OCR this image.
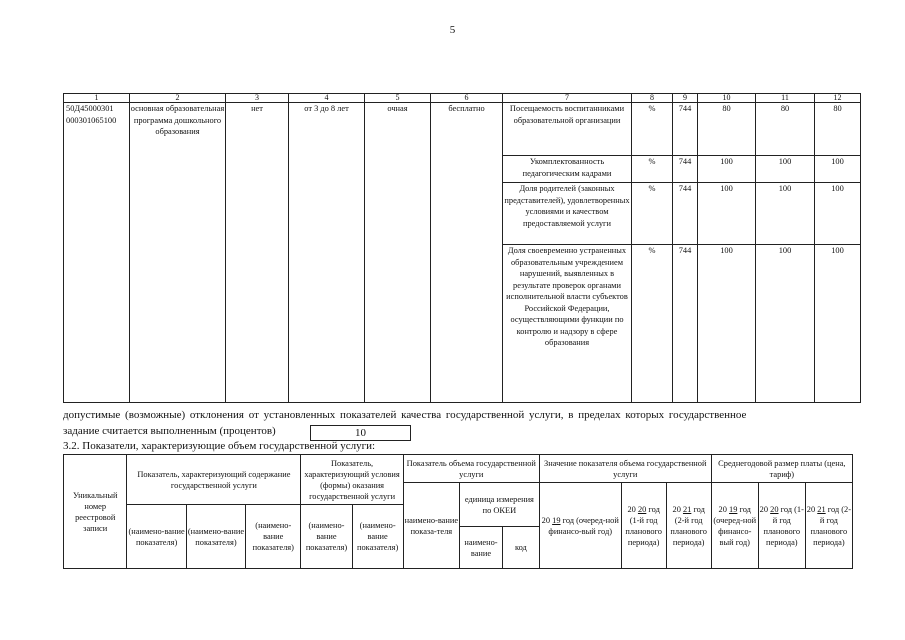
5
1	2	3	4	5	6	7	8	9	10	11	12
50Д45000301 000301065100	основная образовательная программа дошкольного образования	нет	от 3 до 8 лет	очная	бесплатно	Посещаемость воспитанниками образовательной организации	%	744	80	80	80
						Укомплектованность педагогическим кадрами	%	744	100	100	100
						Доля родителей (законных представителей), удовлетворенных условиями и качеством предоставляемой услуги	%	744	100	100	100
						Доля своевременно устраненных образовательным учреждением нарушений, выявленных в результате проверок органами исполнительной власти субъектов Российской Федерации, осуществляющими функции по контролю и надзору в сфере образования	%	744	100	100	100
допустимые (возможные) отклонения от установленных показателей качества государственной услуги, в пределах которых государственное
задание считается выполненным (процентов)	10
3.2. Показатели, характеризующие объем государственной услуги:
Уникальный номер реестровой записи	Показатель, характеризующий содержание государственной услуги			Показатель, характеризующий условия (формы) оказания государственной услуги		Показатель объема государственной услуги			Значение показателя объема государственной услуги			Среднегодовой размер платы (цена, тариф)		
						наимено-вание показа-теля	единица измерения по ОКЕИ		20 19 год (очеред-ной финансо-вый год)	20 20 год (1-й год планового периода)	20 21 год (2-й год планового периода)	20 19 год (очеред-ной финансо-вый год)	20 20 год (1-й год планового периода)	20 21 год (2-й год планового периода)
	(наимено-вание показателя)	(наимено-вание показателя)	(наимено-вание показателя)	(наимено-вание показателя)	(наимено-вание показателя)									
							наимено-вание	код						
